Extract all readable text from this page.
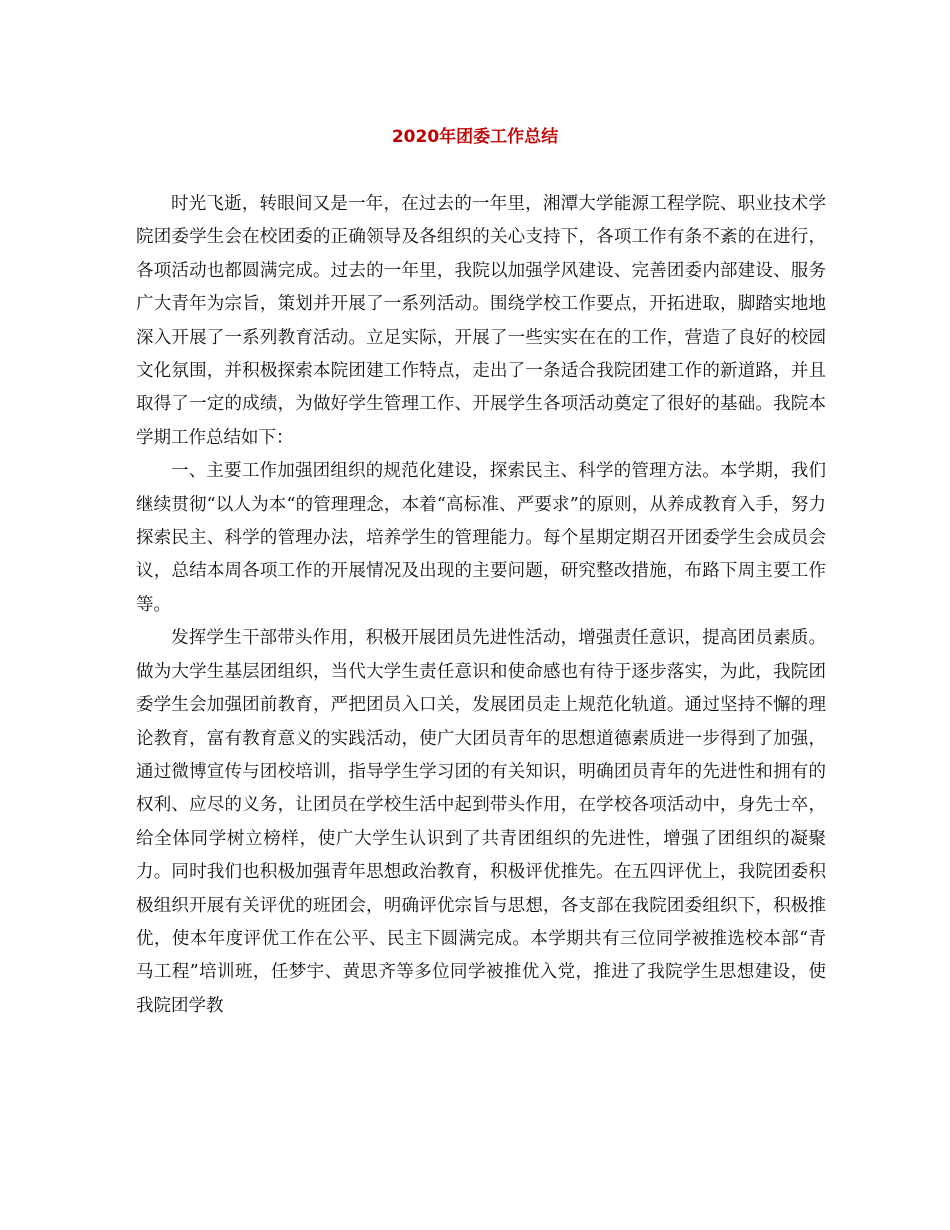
2020年团委工作总结

时光飞逝，转眼间又是一年，在过去的一年里，湘潭大学能源工程学院、职业技术学院团委学生会在校团委的正确领导及各组织的关心支持下，各项工作有条不紊的在进行，各项活动也都圆满完成。过去的一年里，我院以加强学风建设、完善团委内部建设、服务广大青年为宗旨，策划并开展了一系列活动。围绕学校工作要点，开拓进取，脚踏实地地深入开展了一系列教育活动。立足实际，开展了一些实实在在的工作，营造了良好的校园文化氛围，并积极探索本院团建工作特点，走出了一条适合我院团建工作的新道路，并且取得了一定的成绩，为做好学生管理工作、开展学生各项活动奠定了很好的基础。我院本学期工作总结如下：

一、主要工作加强团组织的规范化建设，探索民主、科学的管理方法。本学期，我们继续贯彻“以人为本“的管理理念，本着“高标准、严要求”的原则，从养成教育入手，努力探索民主、科学的管理办法，培养学生的管理能力。每个星期定期召开团委学生会成员会议，总结本周各项工作的开展情况及出现的主要问题，研究整改措施，布路下周主要工作等。

发挥学生干部带头作用，积极开展团员先进性活动，增强责任意识，提高团员素质。做为大学生基层团组织，当代大学生责任意识和使命感也有待于逐步落实，为此，我院团委学生会加强团前教育，严把团员入口关，发展团员走上规范化轨道。通过坚持不懈的理论教育，富有教育意义的实践活动，使广大团员青年的思想道德素质进一步得到了加强，通过微博宣传与团校培训，指导学生学习团的有关知识，明确团员青年的先进性和拥有的权利、应尽的义务，让团员在学校生活中起到带头作用，在学校各项活动中，身先士卒，给全体同学树立榜样，使广大学生认识到了共青团组织的先进性，增强了团组织的凝聚力。同时我们也积极加强青年思想政治教育，积极评优推先。在五四评优上，我院团委积极组织开展有关评优的班团会，明确评优宗旨与思想，各支部在我院团委组织下，积极推优，使本年度评优工作在公平、民主下圆满完成。本学期共有三位同学被推选校本部“青马工程”培训班，任梦宇、黄思齐等多位同学被推优入党，推进了我院学生思想建设，使我院团学教
